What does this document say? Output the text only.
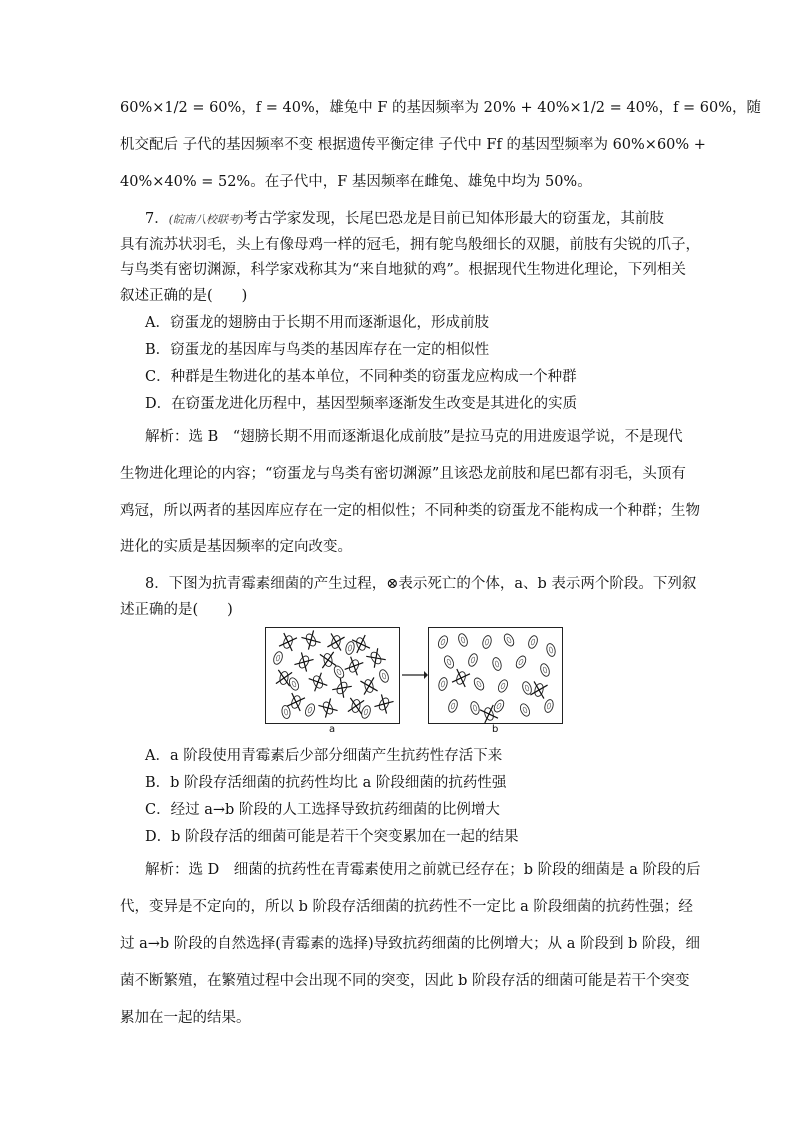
60%×1/2 = 60%，f = 40%，雄兔中 F 的基因频率为 20% + 40%×1/2 = 40%，f = 60%，随
机交配后 子代的基因频率不变 根据遗传平衡定律 子代中 Ff 的基因型频率为 60%×60% +
40%×40% = 52%。在子代中，F 基因频率在雌兔、雄兔中均为 50%。
7．(皖南八校联考)考古学家发现，长尾巴恐龙是目前已知体形最大的窃蛋龙，其前肢
具有流苏状羽毛，头上有像母鸡一样的冠毛，拥有鸵鸟般细长的双腿，前肢有尖锐的爪子，
与鸟类有密切渊源，科学家戏称其为“来自地狱的鸡”。根据现代生物进化理论，下列相关
叙述正确的是(　　)
A．窃蛋龙的翅膀由于长期不用而逐渐退化，形成前肢
B．窃蛋龙的基因库与鸟类的基因库存在一定的相似性
C．种群是生物进化的基本单位，不同种类的窃蛋龙应构成一个种群
D．在窃蛋龙进化历程中，基因型频率逐渐发生改变是其进化的实质
解析：选 B　“翅膀长期不用而逐渐退化成前肢”是拉马克的用进废退学说，不是现代
生物进化理论的内容；“窃蛋龙与鸟类有密切渊源”且该恐龙前肢和尾巴都有羽毛，头顶有
鸡冠，所以两者的基因库应存在一定的相似性；不同种类的窃蛋龙不能构成一个种群；生物
进化的实质是基因频率的定向改变。
8．下图为抗青霉素细菌的产生过程，⊗表示死亡的个体，a、b 表示两个阶段。下列叙
述正确的是(　　)
a	b
A．a 阶段使用青霉素后少部分细菌产生抗药性存活下来
B．b 阶段存活细菌的抗药性均比 a 阶段细菌的抗药性强
C．经过 a→b 阶段的人工选择导致抗药细菌的比例增大
D．b 阶段存活的细菌可能是若干个突变累加在一起的结果
解析：选 D　细菌的抗药性在青霉素使用之前就已经存在；b 阶段的细菌是 a 阶段的后
代，变异是不定向的，所以 b 阶段存活细菌的抗药性不一定比 a 阶段细菌的抗药性强；经
过 a→b 阶段的自然选择(青霉素的选择)导致抗药细菌的比例增大；从 a 阶段到 b 阶段，细
菌不断繁殖，在繁殖过程中会出现不同的突变，因此 b 阶段存活的细菌可能是若干个突变
累加在一起的结果。
